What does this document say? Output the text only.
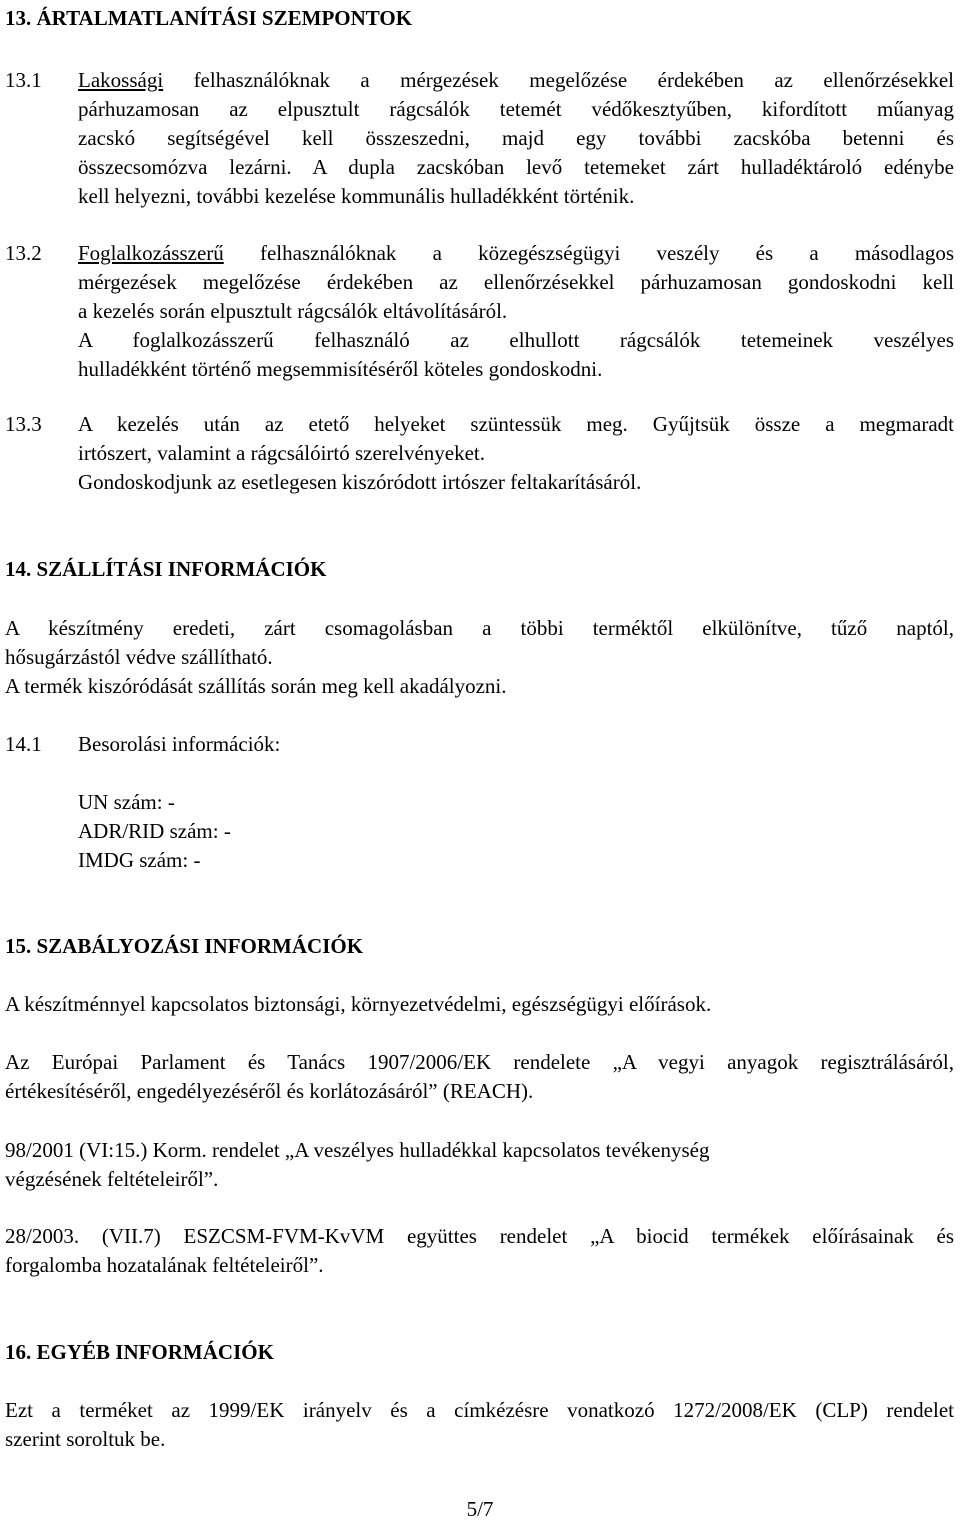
13. ÁRTALMATLANÍTÁSI SZEMPONTOK
13.1 Lakossági felhasználóknak a mérgezések megelőzése érdekében az ellenőrzésekkel
párhuzamosan az elpusztult rágcsálók tetemét védőkesztyűben, kifordított műanyag
zacskó segítségével kell összeszedni, majd egy további zacskóba betenni és
összecsomózva lezárni. A dupla zacskóban levő tetemeket zárt hulladéktároló edénybe
kell helyezni, további kezelése kommunális hulladékként történik.
13.2 Foglalkozásszerű felhasználóknak a közegészségügyi veszély és a másodlagos
mérgezések megelőzése érdekében az ellenőrzésekkel párhuzamosan gondoskodni kell
a kezelés során elpusztult rágcsálók eltávolításáról.
A foglalkozásszerű felhasználó az elhullott rágcsálók tetemeinek veszélyes
hulladékként történő megsemmisítéséről köteles gondoskodni.
13.3 A kezelés után az etető helyeket szüntessük meg. Gyűjtsük össze a megmaradt
irtószert, valamint a rágcsálóirtó szerelvényeket.
Gondoskodjunk az esetlegesen kiszóródott irtószer feltakarításáról.
14. SZÁLLÍTÁSI INFORMÁCIÓK
A készítmény eredeti, zárt csomagolásban a többi terméktől elkülönítve, tűző naptól,
hősugárzástól védve szállítható.
A termék kiszóródását szállítás során meg kell akadályozni.
14.1 Besorolási információk:
UN szám: -
ADR/RID szám: -
IMDG szám: -
15. SZABÁLYOZÁSI INFORMÁCIÓK
A készítménnyel kapcsolatos biztonsági, környezetvédelmi, egészségügyi előírások.
Az Európai Parlament és Tanács 1907/2006/EK rendelete „A vegyi anyagok regisztrálásáról,
értékesítéséről, engedélyezéséről és korlátozásáról” (REACH).
98/2001 (VI:15.) Korm. rendelet „A veszélyes hulladékkal kapcsolatos tevékenység
végzésének feltételeiről”.
28/2003. (VII.7) ESZCSM-FVM-KvVM együttes rendelet „A biocid termékek előírásainak és
forgalomba hozatalának feltételeiről”.
16. EGYÉB INFORMÁCIÓK
Ezt a terméket az 1999/EK irányelv és a címkézésre vonatkozó 1272/2008/EK (CLP) rendelet
szerint soroltuk be.
5/7
